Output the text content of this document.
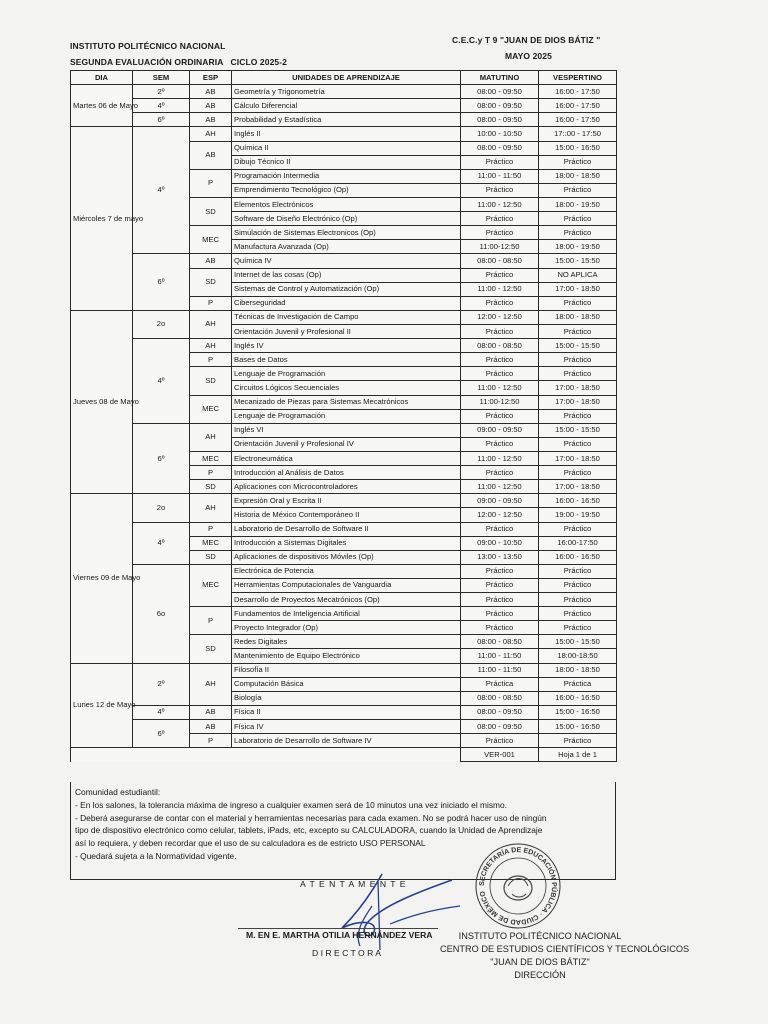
INSTITUTO POLITÉCNICO NACIONAL
SEGUNDA EVALUACIÓN ORDINARIA   CICLO 2025-2
C.E.C.y T 9 "JUAN DE DIOS BÁTIZ "
MAYO 2025
DIA	SEM	ESP	UNIDADES DE APRENDIZAJE	MATUTINO	VESPERTINO
Martes 06 de Mayo	2º	AB	Geometría y Trigonometría	08:00 - 09:50	16:00 - 17:50
	4º	AB	Cálculo Diferencial	08:00 - 09:50	16:00 - 17:50
	6º	AB	Probabilidad y Estadística	08:00 - 09:50	16:00 - 17:50
Miércoles 7 de mayo	4º	AH	Inglés II	10:00 - 10:50	17::00 - 17:50
		AB	Química II	08:00 - 09:50	15:00 - 16:50
			Dibujo Técnico II	Práctico	Práctico
		P	Programación Intermedia	11:00 - 11:50	18:00 - 18:50
			Emprendimiento Tecnológico (Op)	Práctico	Práctico
		SD	Elementos Electrónicos	11:00 - 12:50	18:00 - 19:50
			Software de Diseño Electrónico (Op)	Práctico	Práctico
		MEC	Simulación de Sistemas Electronicos (Op)	Práctico	Práctico
			Manufactura Avanzada (Op)	11:00-12:50	18:00 - 19:50
	6º	AB	Química IV	08:00 - 08:50	15:00 - 15:50
		SD	Internet de las cosas (Op)	Práctico	NO APLICA
			Sistemas de Control y Automatización (Op)	11:00 - 12:50	17:00 - 18:50
		P	Ciberseguridad	Práctico	Práctico
Jueves 08 de Mayo	2o	AH	Técnicas de Investigación de Campo	12:00 - 12:50	18:00 - 18:50
			Orientación Juvenil y Profesional II	Práctico	Práctico
	4º	AH	Inglés IV	08:00 - 08:50	15:00 - 15:50
		P	Bases de Datos	Práctico	Práctico
		SD	Lenguaje de Programación	Práctico	Práctico
			Circuitos Lógicos Secuenciales	11:00 - 12:50	17:00 - 18:50
		MEC	Mecanizado de Piezas para Sistemas Mecatrónicos	11:00-12:50	17:00 - 18:50
			Lenguaje de Programación	Práctico	Práctico
	6º	AH	Inglés VI	09:00 - 09:50	15:00 - 15:50
			Orientación Juvenil y Profesional IV	Práctico	Práctico
		MEC	Electroneumática	11:00 - 12:50	17:00 - 18:50
		P	Introducción al Análisis de Datos	Práctico	Práctico
		SD	Aplicaciones con Microcontroladores	11:00 - 12:50	17:00 - 18:50
Viernes 09 de Mayo	2o	AH	Expresión Oral y Escrita II	09:00 - 09:50	16:00 - 16:50
			Historia de México Contemporáneo II	12:00 - 12:50	19:00 - 19:50
	4º	P	Laboratorio de Desarrollo de Software II	Práctico	Práctico
		MEC	Introducción a Sistemas Digitales	09:00 - 10:50	16:00-17:50
		SD	Aplicaciones de dispositivos Móviles (Op)	13:00 - 13:50	16:00 - 16:50
	6o	MEC	Electrónica de Potencia	Práctico	Práctico
			Herramientas Computacionales de Vanguardia	Práctico	Práctico
			Desarrollo de Proyectos Mecatrónicos (Op)	Práctico	Práctico
		P	Fundamentos de Inteligencia Artificial	Práctico	Práctico
			Proyecto Integrador (Op)	Práctico	Práctico
		SD	Redes Digitales	08:00 - 08:50	15:00 - 15:50
			Mantenimiento de Equipo Electrónico	11:00 - 11:50	18:00-18:50
Lunes 12 de Mayo	2º	AH	Filosofía II	11:00 - 11:50	18:00 - 18:50
			Computación Básica	Práctica	Práctica
			Biología	08:00 - 08:50	16:00 - 16:50
	4º	AB	Física II	08:00 - 09:50	15:00 - 16:50
	6º	AB	Física IV	08:00 - 09:50	15:00 - 16:50
		P	Laboratorio de Desarrollo de Software IV	Práctico	Práctico
				VER-001	Hoja 1 de 1
Comunidad estudiantil:
- En los salones, la tolerancia máxima de ingreso a cualquier examen será de 10 minutos una vez iniciado el mismo.
- Deberá asegurarse de contar con el material y herramientas necesarias para cada examen. No se podrá hacer uso de ningún
tipo de dispositivo electrónico como celular, tablets, iPads, etc, excepto su CALCULADORA, cuando la Unidad de Aprendizaje
así lo requiera, y deben recordar que el uso de su calculadora es de estricto USO PERSONAL
- Quedará sujeta a la Normatividad vigente.
A T E N T A M E N T E
M. EN E. MARTHA OTILIA HERNÁNDEZ VERA
D I R E C T O R A
SECRETARÍA DE EDUCACIÓN PÚBLICA · CIUDAD DE MÉXICO
INSTITUTO POLITÉCNICO NACIONAL
CENTRO DE ESTUDIOS CIENTÍFICOS Y TECNOLÓGICOS
"JUAN DE DIOS BÁTIZ"
DIRECCIÓN
